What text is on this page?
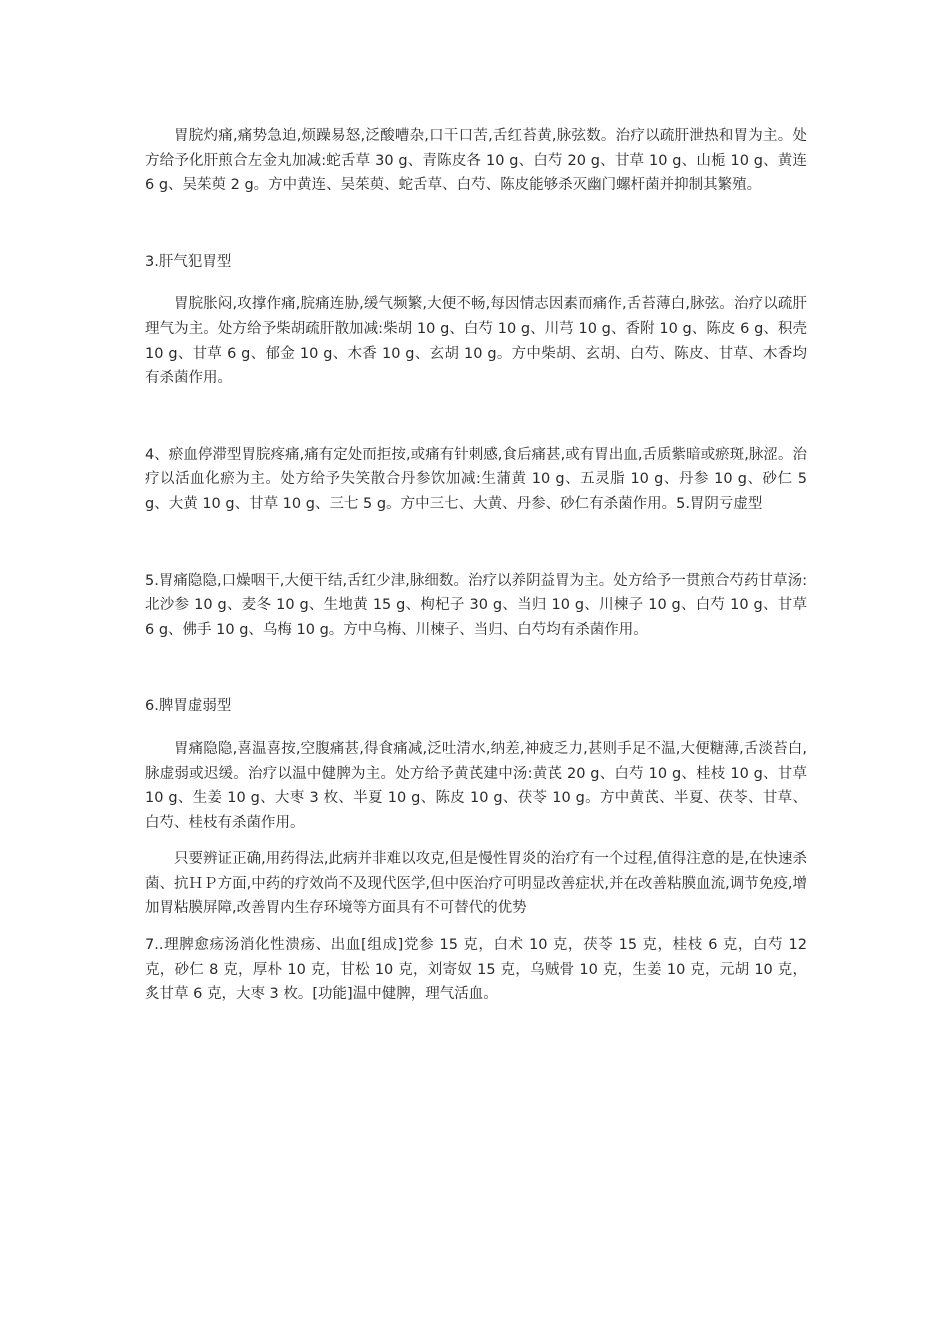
胃脘灼痛,痛势急迫,烦躁易怒,泛酸嘈杂,口干口苦,舌红苔黄,脉弦数。治疗以疏肝泄热和胃为主。处方给予化肝煎合左金丸加减:蛇舌草 30 g、青陈皮各 10 g、白芍 20 g、甘草 10 g、山栀 10 g、黄连 6 g、吴茱萸 2 g。方中黄连、吴茱萸、蛇舌草、白芍、陈皮能够杀灭幽门螺杆菌并抑制其繁殖。

3.肝气犯胃型

胃脘胀闷,攻撑作痛,脘痛连胁,缓气频繁,大便不畅,每因情志因素而痛作,舌苔薄白,脉弦。治疗以疏肝理气为主。处方给予柴胡疏肝散加减:柴胡 10 g、白芍 10 g、川芎 10 g、香附 10 g、陈皮 6 g、积壳 10 g、甘草 6 g、郁金 10 g、木香 10 g、玄胡 10 g。方中柴胡、玄胡、白芍、陈皮、甘草、木香均有杀菌作用。

4、瘀血停滞型胃脘疼痛,痛有定处而拒按,或痛有针刺感,食后痛甚,或有胃出血,舌质紫暗或瘀斑,脉涩。治疗以活血化瘀为主。处方给予失笑散合丹参饮加减:生蒲黄 10 g、五灵脂 10 g、丹参 10 g、砂仁 5 g、大黄 10 g、甘草 10 g、三七 5 g。方中三七、大黄、丹参、砂仁有杀菌作用。5.胃阴亏虚型

5.胃痛隐隐,口燥咽干,大便干结,舌红少津,脉细数。治疗以养阴益胃为主。处方给予一贯煎合芍药甘草汤:北沙参 10 g、麦冬 10 g、生地黄 15 g、枸杞子 30 g、当归 10 g、川楝子 10 g、白芍 10 g、甘草 6 g、佛手 10 g、乌梅 10 g。方中乌梅、川楝子、当归、白芍均有杀菌作用。

6.脾胃虚弱型

胃痛隐隐,喜温喜按,空腹痛甚,得食痛减,泛吐清水,纳差,神疲乏力,甚则手足不温,大便糖薄,舌淡苔白,脉虚弱或迟缓。治疗以温中健脾为主。处方给予黄芪建中汤:黄芪 20 g、白芍 10 g、桂枝 10 g、甘草 10 g、生姜 10 g、大枣 3 枚、半夏 10 g、陈皮 10 g、茯苓 10 g。方中黄芪、半夏、茯苓、甘草、白芍、桂枝有杀菌作用。

只要辨证正确,用药得法,此病并非难以攻克,但是慢性胃炎的治疗有一个过程,值得注意的是,在快速杀菌、抗ＨＰ方面,中药的疗效尚不及现代医学,但中医治疗可明显改善症状,并在改善粘膜血流,调节免疫,增加胃粘膜屏障,改善胃内生存环境等方面具有不可替代的优势

7..理脾愈疡汤消化性溃疡、出血[组成]党参 15 克，白术 10 克，茯苓 15 克，桂枝 6 克，白芍 12 克，砂仁 8 克，厚朴 10 克，甘松 10 克，刘寄奴 15 克，乌贼骨 10 克，生姜 10 克，元胡 10 克，炙甘草 6 克，大枣 3 枚。[功能]温中健脾，理气活血。
